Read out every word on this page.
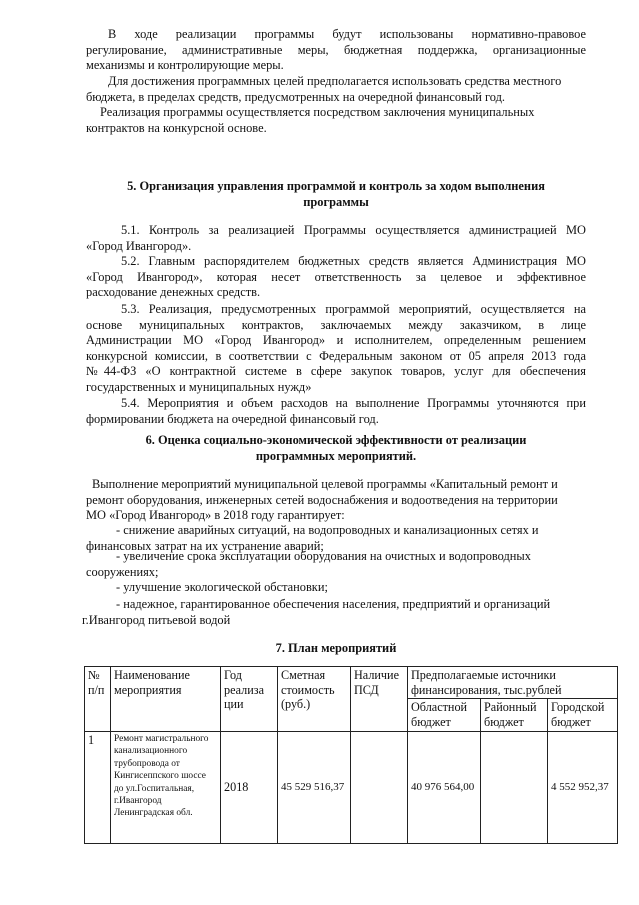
В ходе реализации программы будут использованы нормативно-правовое
регулирование, административные меры, бюджетная поддержка, организационные
механизмы и контролирующие меры.
Для достижения программных целей предполагается использовать средства местного
бюджета, в пределах средств, предусмотренных на очередной финансовый год.
Реализация программы осуществляется посредством заключения муниципальных
контрактов на конкурсной основе.
5. Организация управления программой и контроль за ходом выполнения
программы
5.1. Контроль за реализацией Программы осуществляется администрацией МО
«Город Ивангород».
5.2. Главным распорядителем бюджетных средств является Администрация МО
«Город Ивангород», которая несет ответственность за целевое и эффективное
расходование денежных средств.
5.3. Реализация, предусмотренных программой мероприятий, осуществляется на
основе муниципальных контрактов, заключаемых между заказчиком, в лице
Администрации МО «Город Ивангород» и исполнителем, определенным решением
конкурсной комиссии, в соответствии с Федеральным законом от 05 апреля 2013 года
№44-ФЗ «О контрактной системе в сфере закупок товаров, услуг для обеспечения
государственных и муниципальных нужд»
5.4. Мероприятия и объем расходов на выполнение Программы уточняются при
формировании бюджета на очередной финансовый год.
6. Оценка социально-экономической эффективности от реализации
программных мероприятий.
Выполнение мероприятий муниципальной целевой программы «Капитальный ремонт и
ремонт оборудования, инженерных сетей водоснабжения и водоотведения на территории
МО «Город Ивангород» в 2018 году гарантирует:
- снижение аварийных ситуаций, на водопроводных и канализационных сетях и
финансовых затрат на их устранение аварий;
- увеличение срока эксплуатации оборудования на очистных и водопроводных
сооружениях;
- улучшение экологической обстановки;
- надежное, гарантированное обеспечения населения, предприятий и организаций
г.Ивангород питьевой водой
7. План мероприятий
№ п/п	Наименование мероприятия	Год реализа ции	Сметная стоимость (руб.)	Наличие ПСД	Предполагаемые источники финансирования, тыс.рублей		
					Областной бюджет	Районный бюджет	Городской бюджет
1	Ремонт магистрального канализационного трубопровода от Кингисеппского шоссе до ул.Госпитальная, г.Ивангород Ленинградская обл.	2018	45 529 516,37		40 976 564,00		4 552 952,37
